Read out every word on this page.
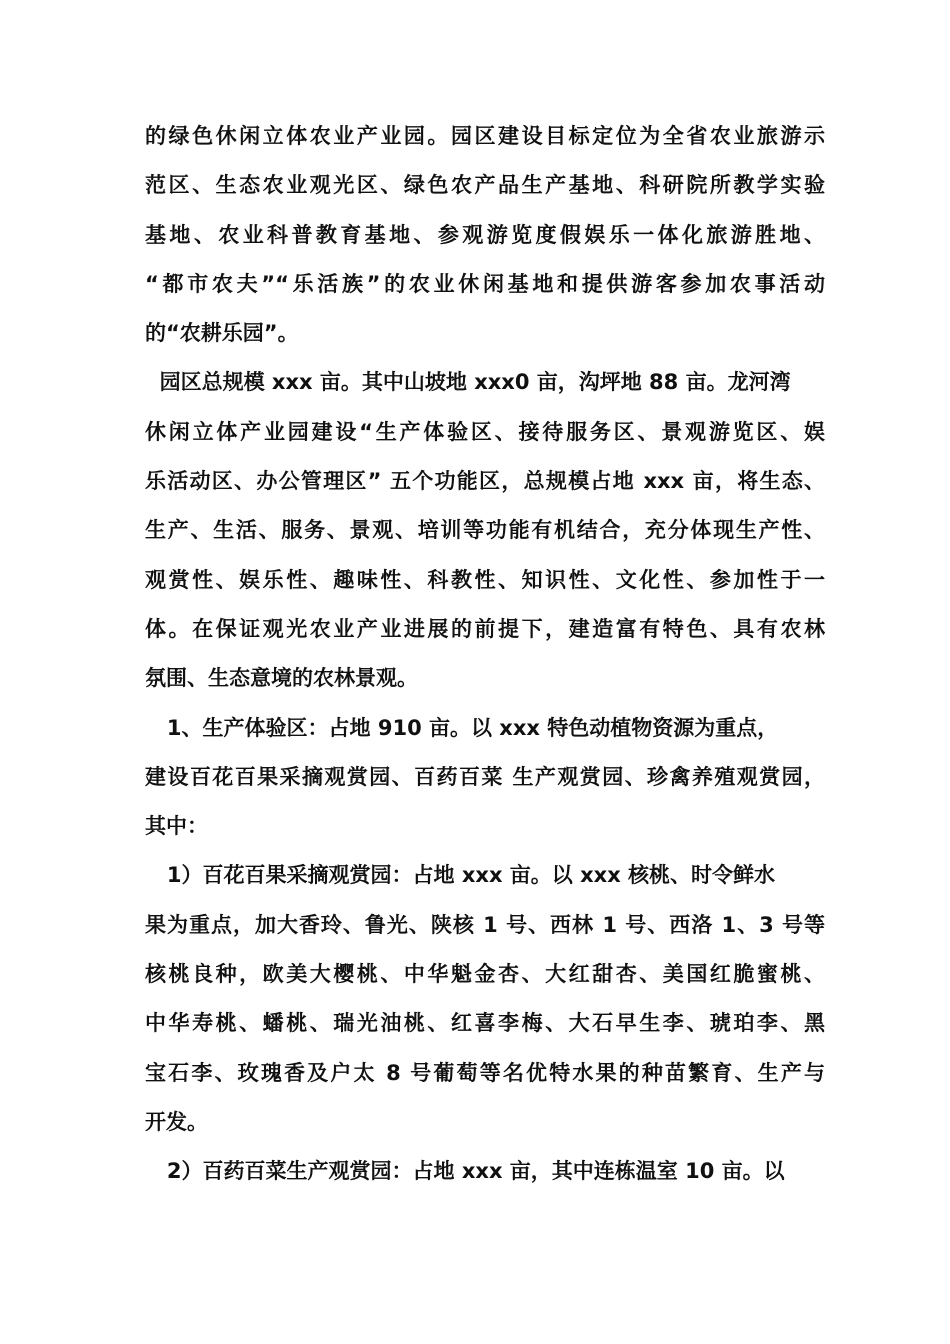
的绿色休闲立体农业产业园。园区建设目标定位为全省农业旅游示
范区、生态农业观光区、绿色农产品生产基地、科研院所教学实验
基地、农业科普教育基地、参观游览度假娱乐一体化旅游胜地、
“都市农夫”“乐活族”的农业休闲基地和提供游客参加农事活动
的“农耕乐园”。
园区总规模 xxx 亩。其中山坡地 xxx0 亩，沟坪地 88 亩。龙河湾
休闲立体产业园建设“生产体验区、接待服务区、景观游览区、娱
乐活动区、办公管理区” 五个功能区，总规模占地 xxx 亩，将生态、
生产、生活、服务、景观、培训等功能有机结合，充分体现生产性、
观赏性、娱乐性、趣味性、科教性、知识性、文化性、参加性于一
体。在保证观光农业产业进展的前提下，建造富有特色、具有农林
氛围、生态意境的农林景观。
1、生产体验区：占地 910 亩。以 xxx 特色动植物资源为重点，
建设百花百果采摘观赏园、百药百菜 生产观赏园、珍禽养殖观赏园，
其中：
1）百花百果采摘观赏园：占地 xxx 亩。以 xxx 核桃、时令鲜水
果为重点，加大香玲、鲁光、陕核 1 号、西林 1 号、西洛 1、3 号等
核桃良种，欧美大樱桃、中华魁金杏、大红甜杏、美国红脆蜜桃、
中华寿桃、蟠桃、瑞光油桃、红喜李梅、大石早生李、琥珀李、黑
宝石李、玫瑰香及户太 8 号葡萄等名优特水果的种苗繁育、生产与
开发。
2）百药百菜生产观赏园：占地 xxx 亩，其中连栋温室 10 亩。以
